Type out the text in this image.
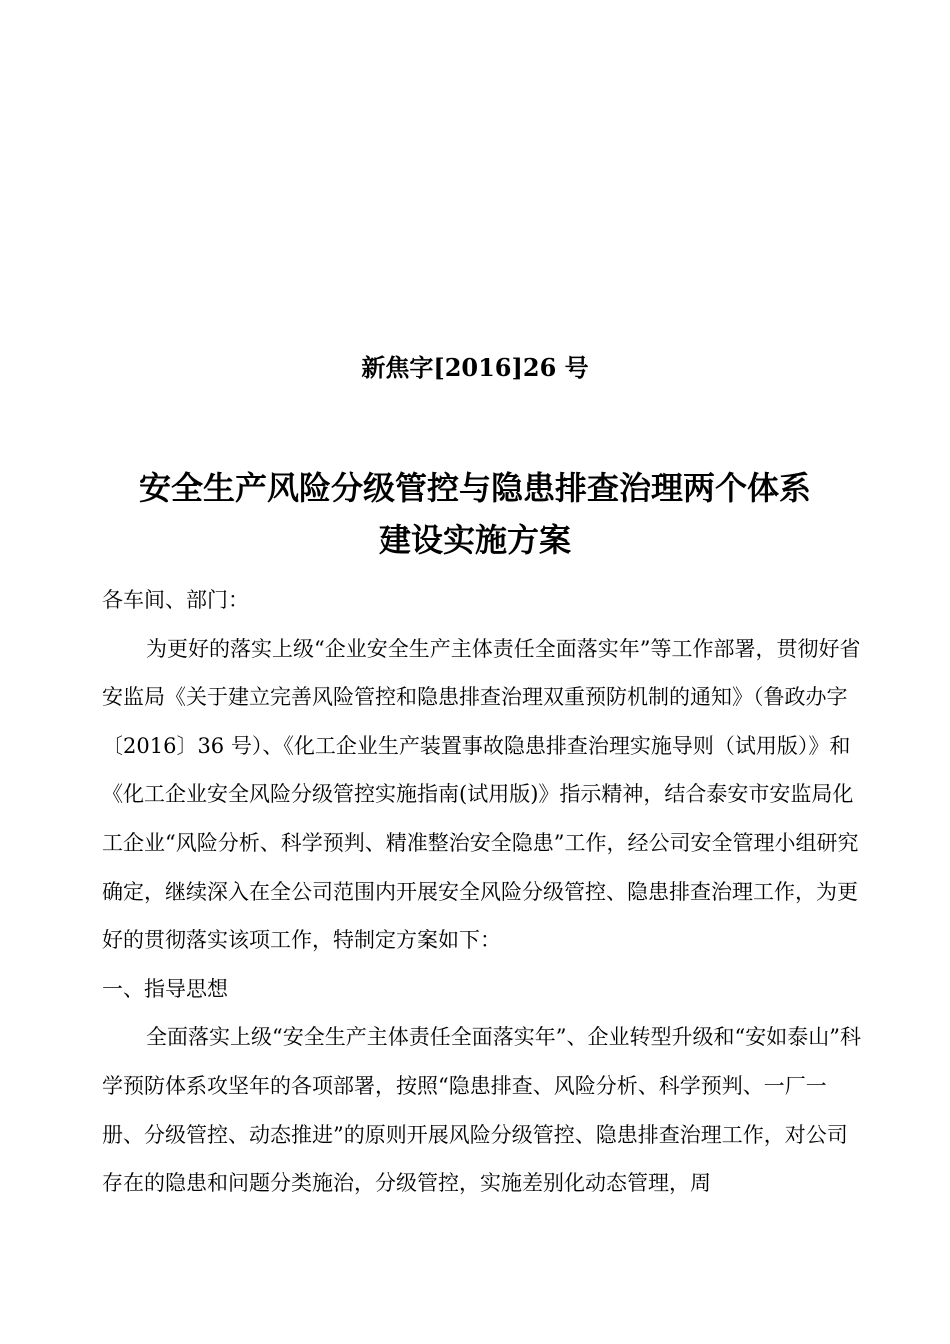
新焦字[2016]26 号
安全生产风险分级管控与隐患排查治理两个体系
建设实施方案

各车间、部门：

为更好的落实上级“企业安全生产主体责任全面落实年”等工作部署，贯彻好省安监局《关于建立完善风险管控和隐患排查治理双重预防机制的通知》（鲁政办字〔2016〕36 号）、《化工企业生产装置事故隐患排查治理实施导则（试用版）》和《化工企业安全风险分级管控实施指南(试用版)》指示精神，结合泰安市安监局化工企业“风险分析、科学预判、精准整治安全隐患”工作，经公司安全管理小组研究确定，继续深入在全公司范围内开展安全风险分级管控、隐患排查治理工作，为更好的贯彻落实该项工作，特制定方案如下：

一、指导思想

全面落实上级“安全生产主体责任全面落实年”、企业转型升级和“安如泰山”科学预防体系攻坚年的各项部署，按照“隐患排查、风险分析、科学预判、一厂一册、分级管控、动态推进”的原则开展风险分级管控、隐患排查治理工作，对公司存在的隐患和问题分类施治，分级管控，实施差别化动态管理，周
